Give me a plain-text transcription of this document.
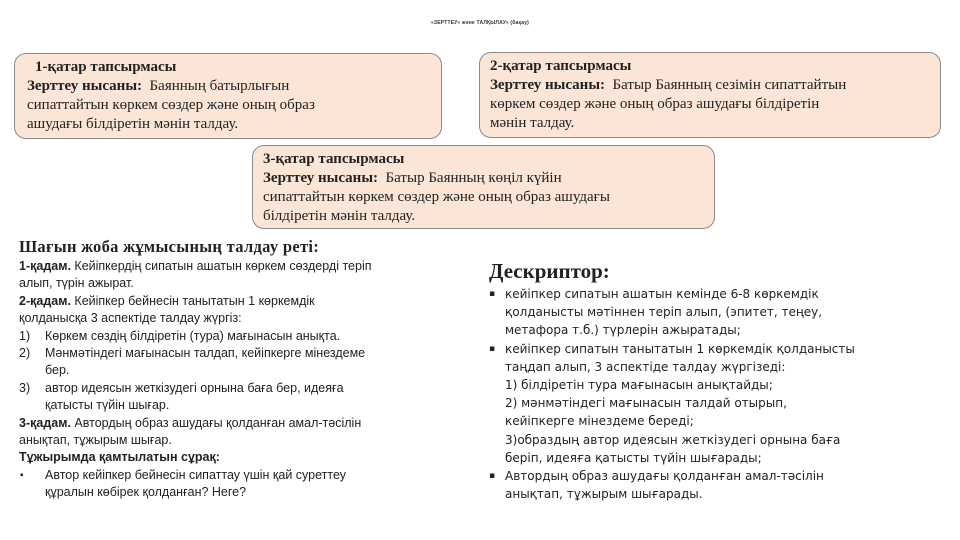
«ЗЕРТТЕУ» және ТАЛҚЫЛАУ» (бақау)
1-қатар тапсырмасы
Зерттеу нысаны: Баянның батырлығын
сипаттайтын көркем сөздер және оның образ
ашудағы білдіретін мәнін талдау.
2-қатар тапсырмасы
Зерттеу нысаны: Батыр Баянның сезімін сипаттайтын
көркем сөздер және оның образ ашудағы білдіретін
мәнін талдау.
3-қатар тапсырмасы
Зерттеу нысаны: Батыр Баянның көңіл күйін
сипаттайтын көркем сөздер және оның образ ашудағы
білдіретін мәнін талдау.
Шағын жоба жұмысының талдау реті:
1-қадам. Кейіпкердің сипатын ашатын көркем сөздерді теріп
алып, түрін ажырат.
2-қадам. Кейіпкер бейнесін танытатын 1 көркемдік
қолданысқа 3 аспектіде талдау жүргіз:
1) Көркем сөздің білдіретін (тура) мағынасын анықта.
2) Мәнмәтіндегі мағынасын талдап, кейіпкерге мінездеме
бер.
3) автор идеясын жеткізудегі орнына баға бер, идеяға
қатысты түйін шығар.
3-қадам. Автордың образ ашудағы қолданған амал-тәсілін
анықтап, тұжырым шығар.
Тұжырымда қамтылатын сұрақ:
▪ Автор кейіпкер бейнесін сипаттау үшін қай суреттеу
құралын көбірек қолданған? Неге?
Дескриптор:
▪ кейіпкер сипатын ашатын кемінде 6-8 көркемдік
қолданысты мәтіннен теріп алып, (эпитет, теңеу,
метафора т.б.) түрлерін ажыратады;
▪ кейіпкер сипатын танытатын 1 көркемдік қолданысты
таңдап алып, 3 аспектіде талдау жүргізеді:
1) білдіретін тура мағынасын анықтайды;
2) мәнмәтіндегі мағынасын талдай отырып,
кейіпкерге мінездеме береді;
3)образдың автор идеясын жеткізудегі орнына баға
беріп, идеяға қатысты түйін шығарады;
▪ Автордың образ ашудағы қолданған амал-тәсілін
анықтап, тұжырым шығарады.
